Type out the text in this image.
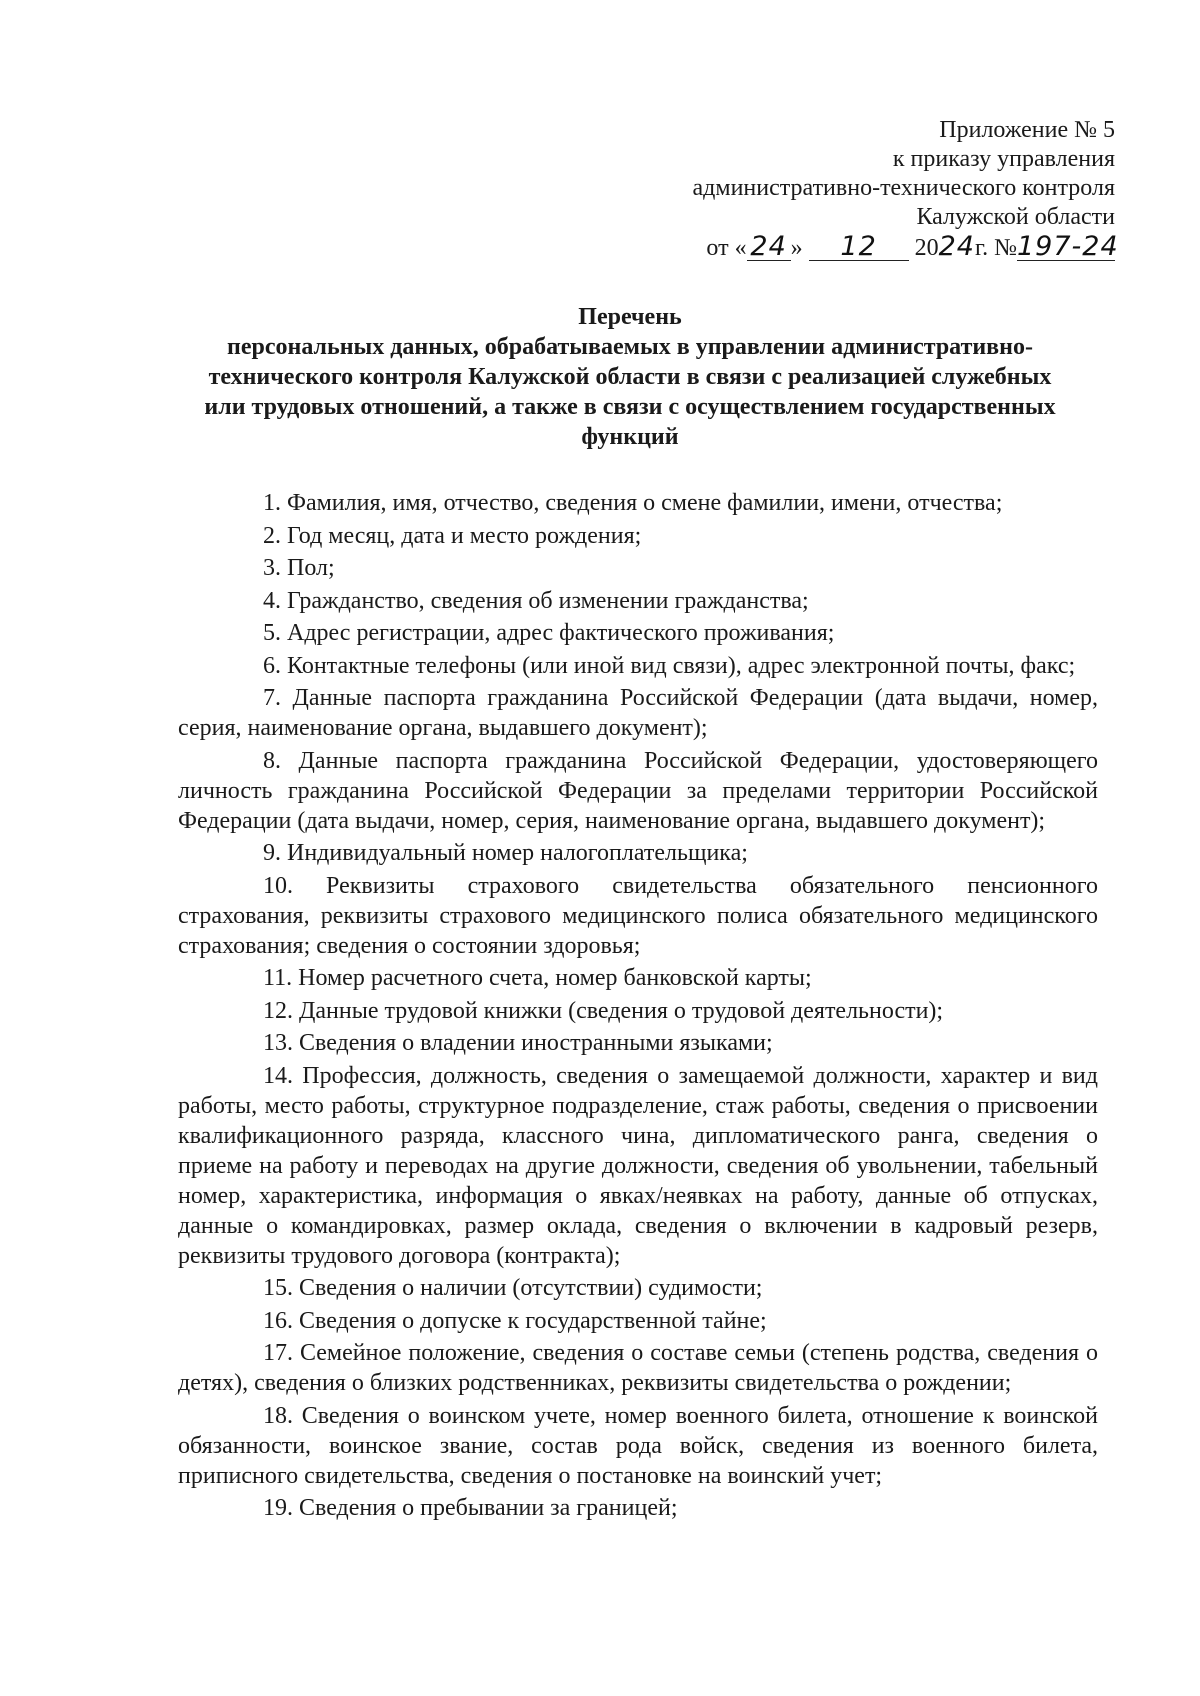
Приложение № 5
к приказу управления
административно-технического контроля
Калужской области
от « 24 » 12 2024г. №197-24
Перечень
персональных данных, обрабатываемых в управлении административно-
технического контроля Калужской области в связи с реализацией служебных
или трудовых отношений, а также в связи с осуществлением государственных
функций

1. Фамилия, имя, отчество, сведения о смене фамилии, имени, отчества;

2. Год месяц, дата и место рождения;

3. Пол;

4. Гражданство, сведения об изменении гражданства;

5. Адрес регистрации, адрес фактического проживания;

6. Контактные телефоны (или иной вид связи), адрес электронной почты, факс;

7. Данные паспорта гражданина Российской Федерации (дата выдачи, номер, серия, наименование органа, выдавшего документ);

8. Данные паспорта гражданина Российской Федерации, удостоверяющего личность гражданина Российской Федерации за пределами территории Российской Федерации (дата выдачи, номер, серия, наименование органа, выдавшего документ);

9. Индивидуальный номер налогоплательщика;

10. Реквизиты страхового свидетельства обязательного пенсионного страхования, реквизиты страхового медицинского полиса обязательного медицинского страхования; сведения о состоянии здоровья;

11. Номер расчетного счета, номер банковской карты;

12. Данные трудовой книжки (сведения о трудовой деятельности);

13. Сведения о владении иностранными языками;

14. Профессия, должность, сведения о замещаемой должности, характер и вид работы, место работы, структурное подразделение, стаж работы, сведения о присвоении квалификационного разряда, классного чина, дипломатического ранга, сведения о приеме на работу и переводах на другие должности, сведения об увольнении, табельный номер, характеристика, информация о явках/неявках на работу, данные об отпусках, данные о командировках, размер оклада, сведения о включении в кадровый резерв, реквизиты трудового договора (контракта);

15. Сведения о наличии (отсутствии) судимости;

16. Сведения о допуске к государственной тайне;

17. Семейное положение, сведения о составе семьи (степень родства, сведения о детях), сведения о близких родственниках, реквизиты свидетельства о рождении;

18. Сведения о воинском учете, номер военного билета, отношение к воинской обязанности, воинское звание, состав рода войск, сведения из военного билета, приписного свидетельства, сведения о постановке на воинский учет;

19. Сведения о пребывании за границей;
